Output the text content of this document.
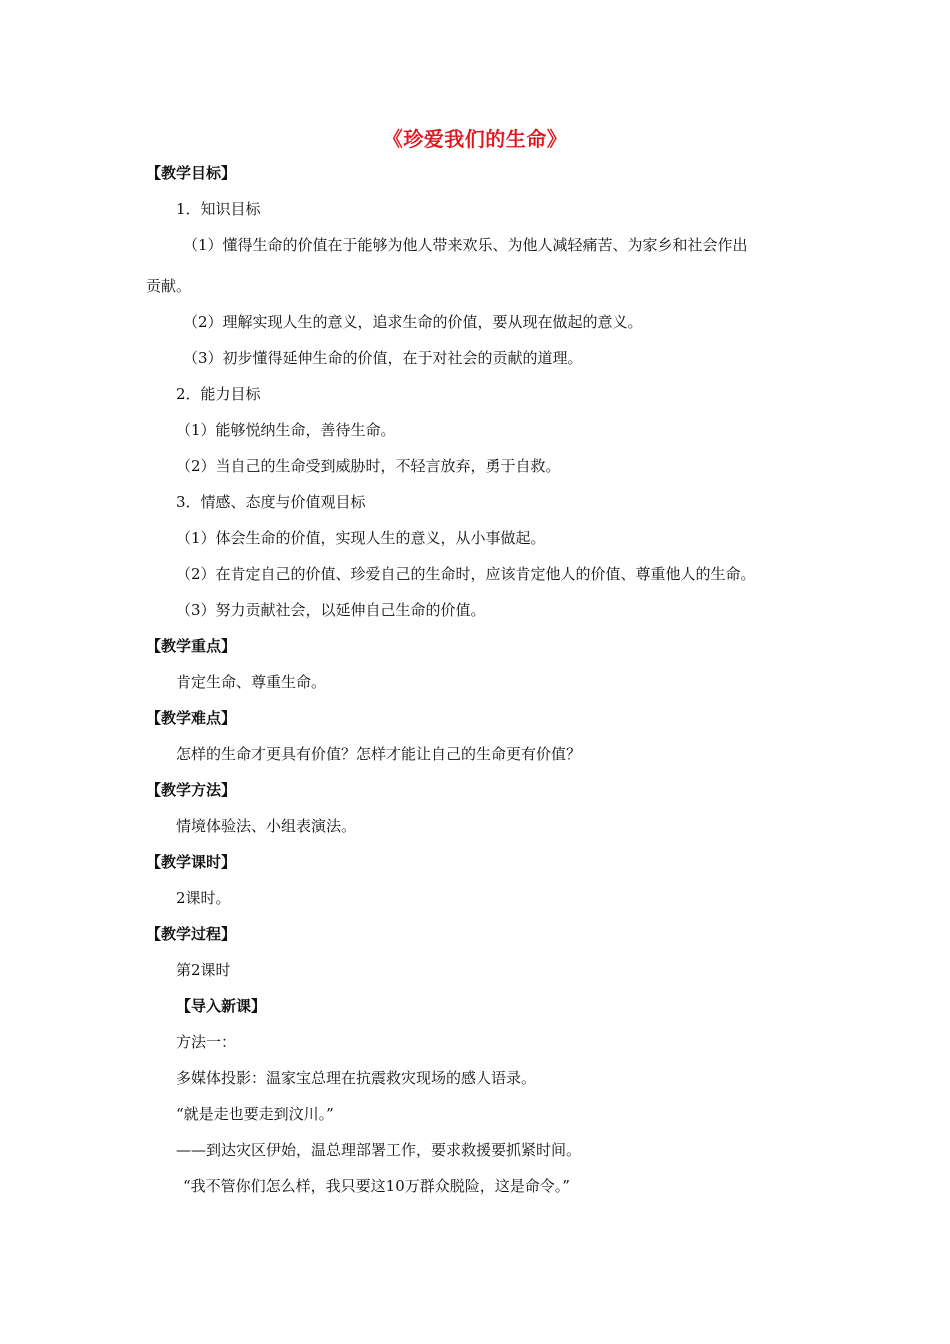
《珍爱我们的生命》
【教学目标】
1．知识目标
（1）懂得生命的价值在于能够为他人带来欢乐、为他人减轻痛苦、为家乡和社会作出
贡献。
（2）理解实现人生的意义，追求生命的价值，要从现在做起的意义。
（3）初步懂得延伸生命的价值，在于对社会的贡献的道理。
2．能力目标
（1）能够悦纳生命，善待生命。
（2）当自己的生命受到威胁时，不轻言放弃，勇于自救。
3．情感、态度与价值观目标
（1）体会生命的价值，实现人生的意义，从小事做起。
（2）在肯定自己的价值、珍爱自己的生命时，应该肯定他人的价值、尊重他人的生命。
（3）努力贡献社会，以延伸自己生命的价值。
【教学重点】
肯定生命、尊重生命。
【教学难点】
怎样的生命才更具有价值？怎样才能让自己的生命更有价值？
【教学方法】
情境体验法、小组表演法。
【教学课时】
2课时。
【教学过程】
第2课时
【导入新课】
方法一：
多媒体投影：温家宝总理在抗震救灾现场的感人语录。
“就是走也要走到汶川。”
——到达灾区伊始，温总理部署工作，要求救援要抓紧时间。
“我不管你们怎么样，我只要这10万群众脱险，这是命令。”
